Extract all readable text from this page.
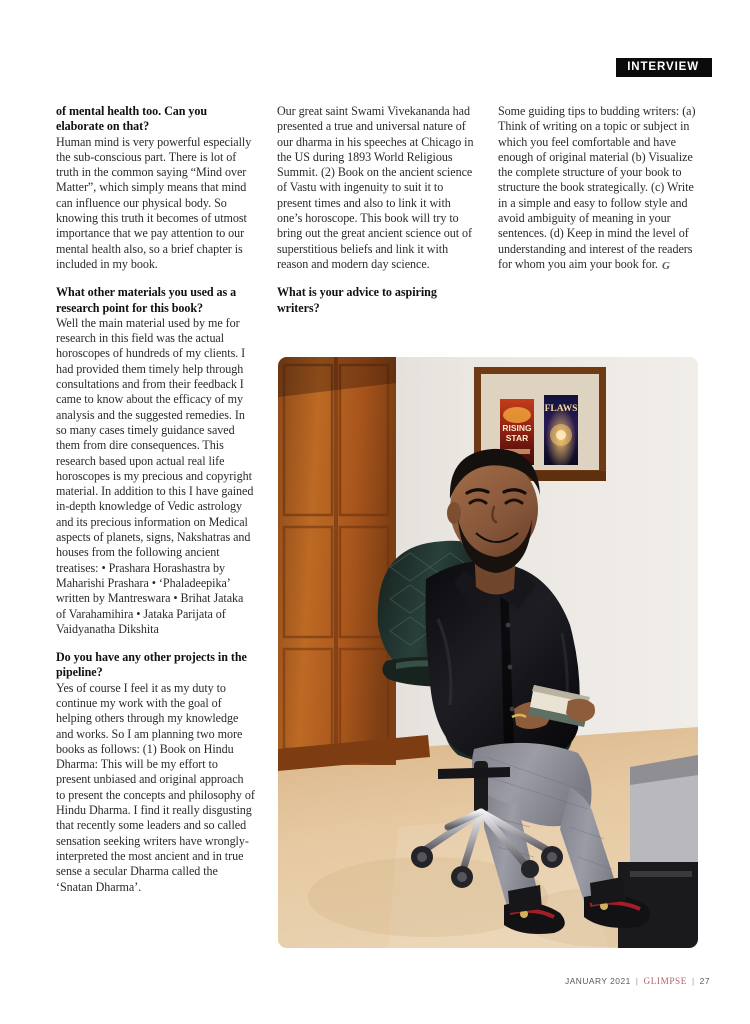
INTERVIEW

of mental health too. Can you elaborate on that?

Human mind is very powerful especially the sub-conscious part. There is lot of truth in the common saying “Mind over Matter”, which simply means that mind can influence our physical body. So knowing this truth it becomes of utmost importance that we pay attention to our mental health also, so a brief chapter is included in my book.

What other materials you used as a research point for this book?

Well the main material used by me for research in this field was the actual horoscopes of hundreds of my clients. I had provided them timely help through consultations and from their feedback I came to know about the efficacy of my analysis and the suggested remedies. In so many cases timely guidance saved them from dire consequences. This research based upon actual real life horoscopes is my precious and copyright material. In addition to this I have gained in-depth knowledge of Vedic astrology and its precious information on Medical aspects of planets, signs, Nakshatras and houses from the following ancient treatises: • Prashara Horashastra by Maharishi Prashara • ‘Phaladeepika’ written by Mantreswara • Brihat Jataka of Varahamihira • Jataka Parijata of Vaidyanatha Dikshita

Do you have any other projects in the pipeline?

Yes of course I feel it as my duty to continue my work with the goal of helping others through my knowledge and works. So I am planning two more books as follows: (1) Book on Hindu Dharma: This will be my effort to present unbiased and original approach to present the concepts and philosophy of Hindu Dharma. I find it really disgusting that recently some leaders and so called sensation seeking writers have wrongly-interpreted the most ancient and in true sense a secular Dharma called the ‘Snatan Dharma’.

Our great saint Swami Vivekananda had presented a true and universal nature of our dharma in his speeches at Chicago in the US during 1893 World Religious Summit. (2) Book on the ancient science of Vastu with ingenuity to suit it to present times and also to link it with one’s horoscope. This book will try to bring out the great ancient science out of superstitious beliefs and link it with reason and modern day science.

What is your advice to aspiring writers?

Some guiding tips to budding writers: (a) Think of writing on a topic or subject in which you feel comfortable and have enough of original material (b) Visualize the complete structure of your book to structure the book strategically. (c) Write in a simple and easy to follow style and avoid ambiguity of meaning in your sentences. (d) Keep in mind the level of understanding and interest of the readers for whom you aim your book for. G

RISING
STAR
FLAWS
JANUARY 2021 | GLIMPSE | 27
